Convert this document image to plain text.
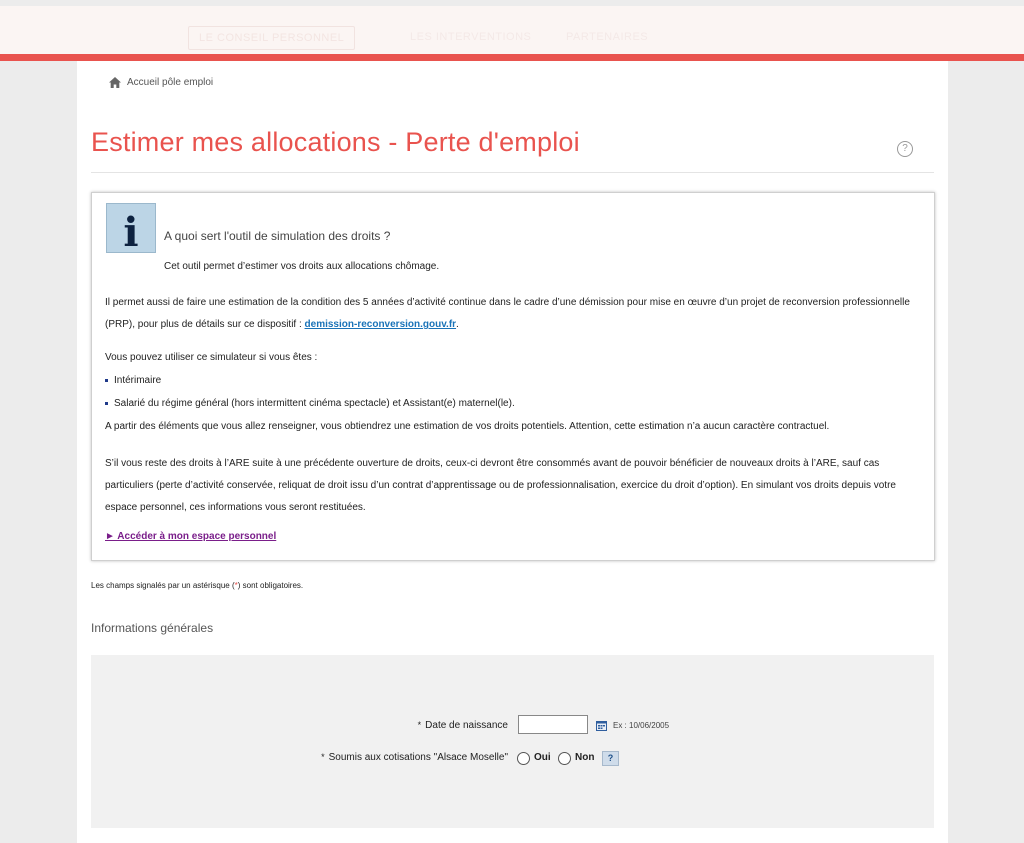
LE CONSEIL PERSONNEL	LES INTERVENTIONS	PARTENAIRES
Accueil pôle emploi
Estimer mes allocations - Perte d'emploi	?
i A quoi sert l'outil de simulation des droits ?
Cet outil permet d’estimer vos droits aux allocations chômage.

Il permet aussi de faire une estimation de la condition des 5 années d’activité continue dans le cadre d’une démission pour mise en œuvre d’un projet de reconversion professionnelle (PRP), pour plus de détails sur ce dispositif : demission-reconversion.gouv.fr.

Vous pouvez utiliser ce simulateur si vous êtes :

Intérimaire
Salarié du régime général (hors intermittent cinéma spectacle) et Assistant(e) maternel(le).

A partir des éléments que vous allez renseigner, vous obtiendrez une estimation de vos droits potentiels. Attention, cette estimation n’a aucun caractère contractuel.

S’il vous reste des droits à l’ARE suite à une précédente ouverture de droits, ceux-ci devront être consommés avant de pouvoir bénéficier de nouveaux droits à l’ARE, sauf cas particuliers (perte d’activité conservée, reliquat de droit issu d’un contrat d’apprentissage ou de professionnalisation, exercice du droit d’option). En simulant vos droits depuis votre espace personnel, ces informations vous seront restituées.

► Accéder à mon espace personnel
Les champs signalés par un astérisque (*) sont obligatoires.
Informations générales
* Date de naissance	Ex : 10/06/2005
* Soumis aux cotisations "Alsace Moselle"	Oui Non	?
